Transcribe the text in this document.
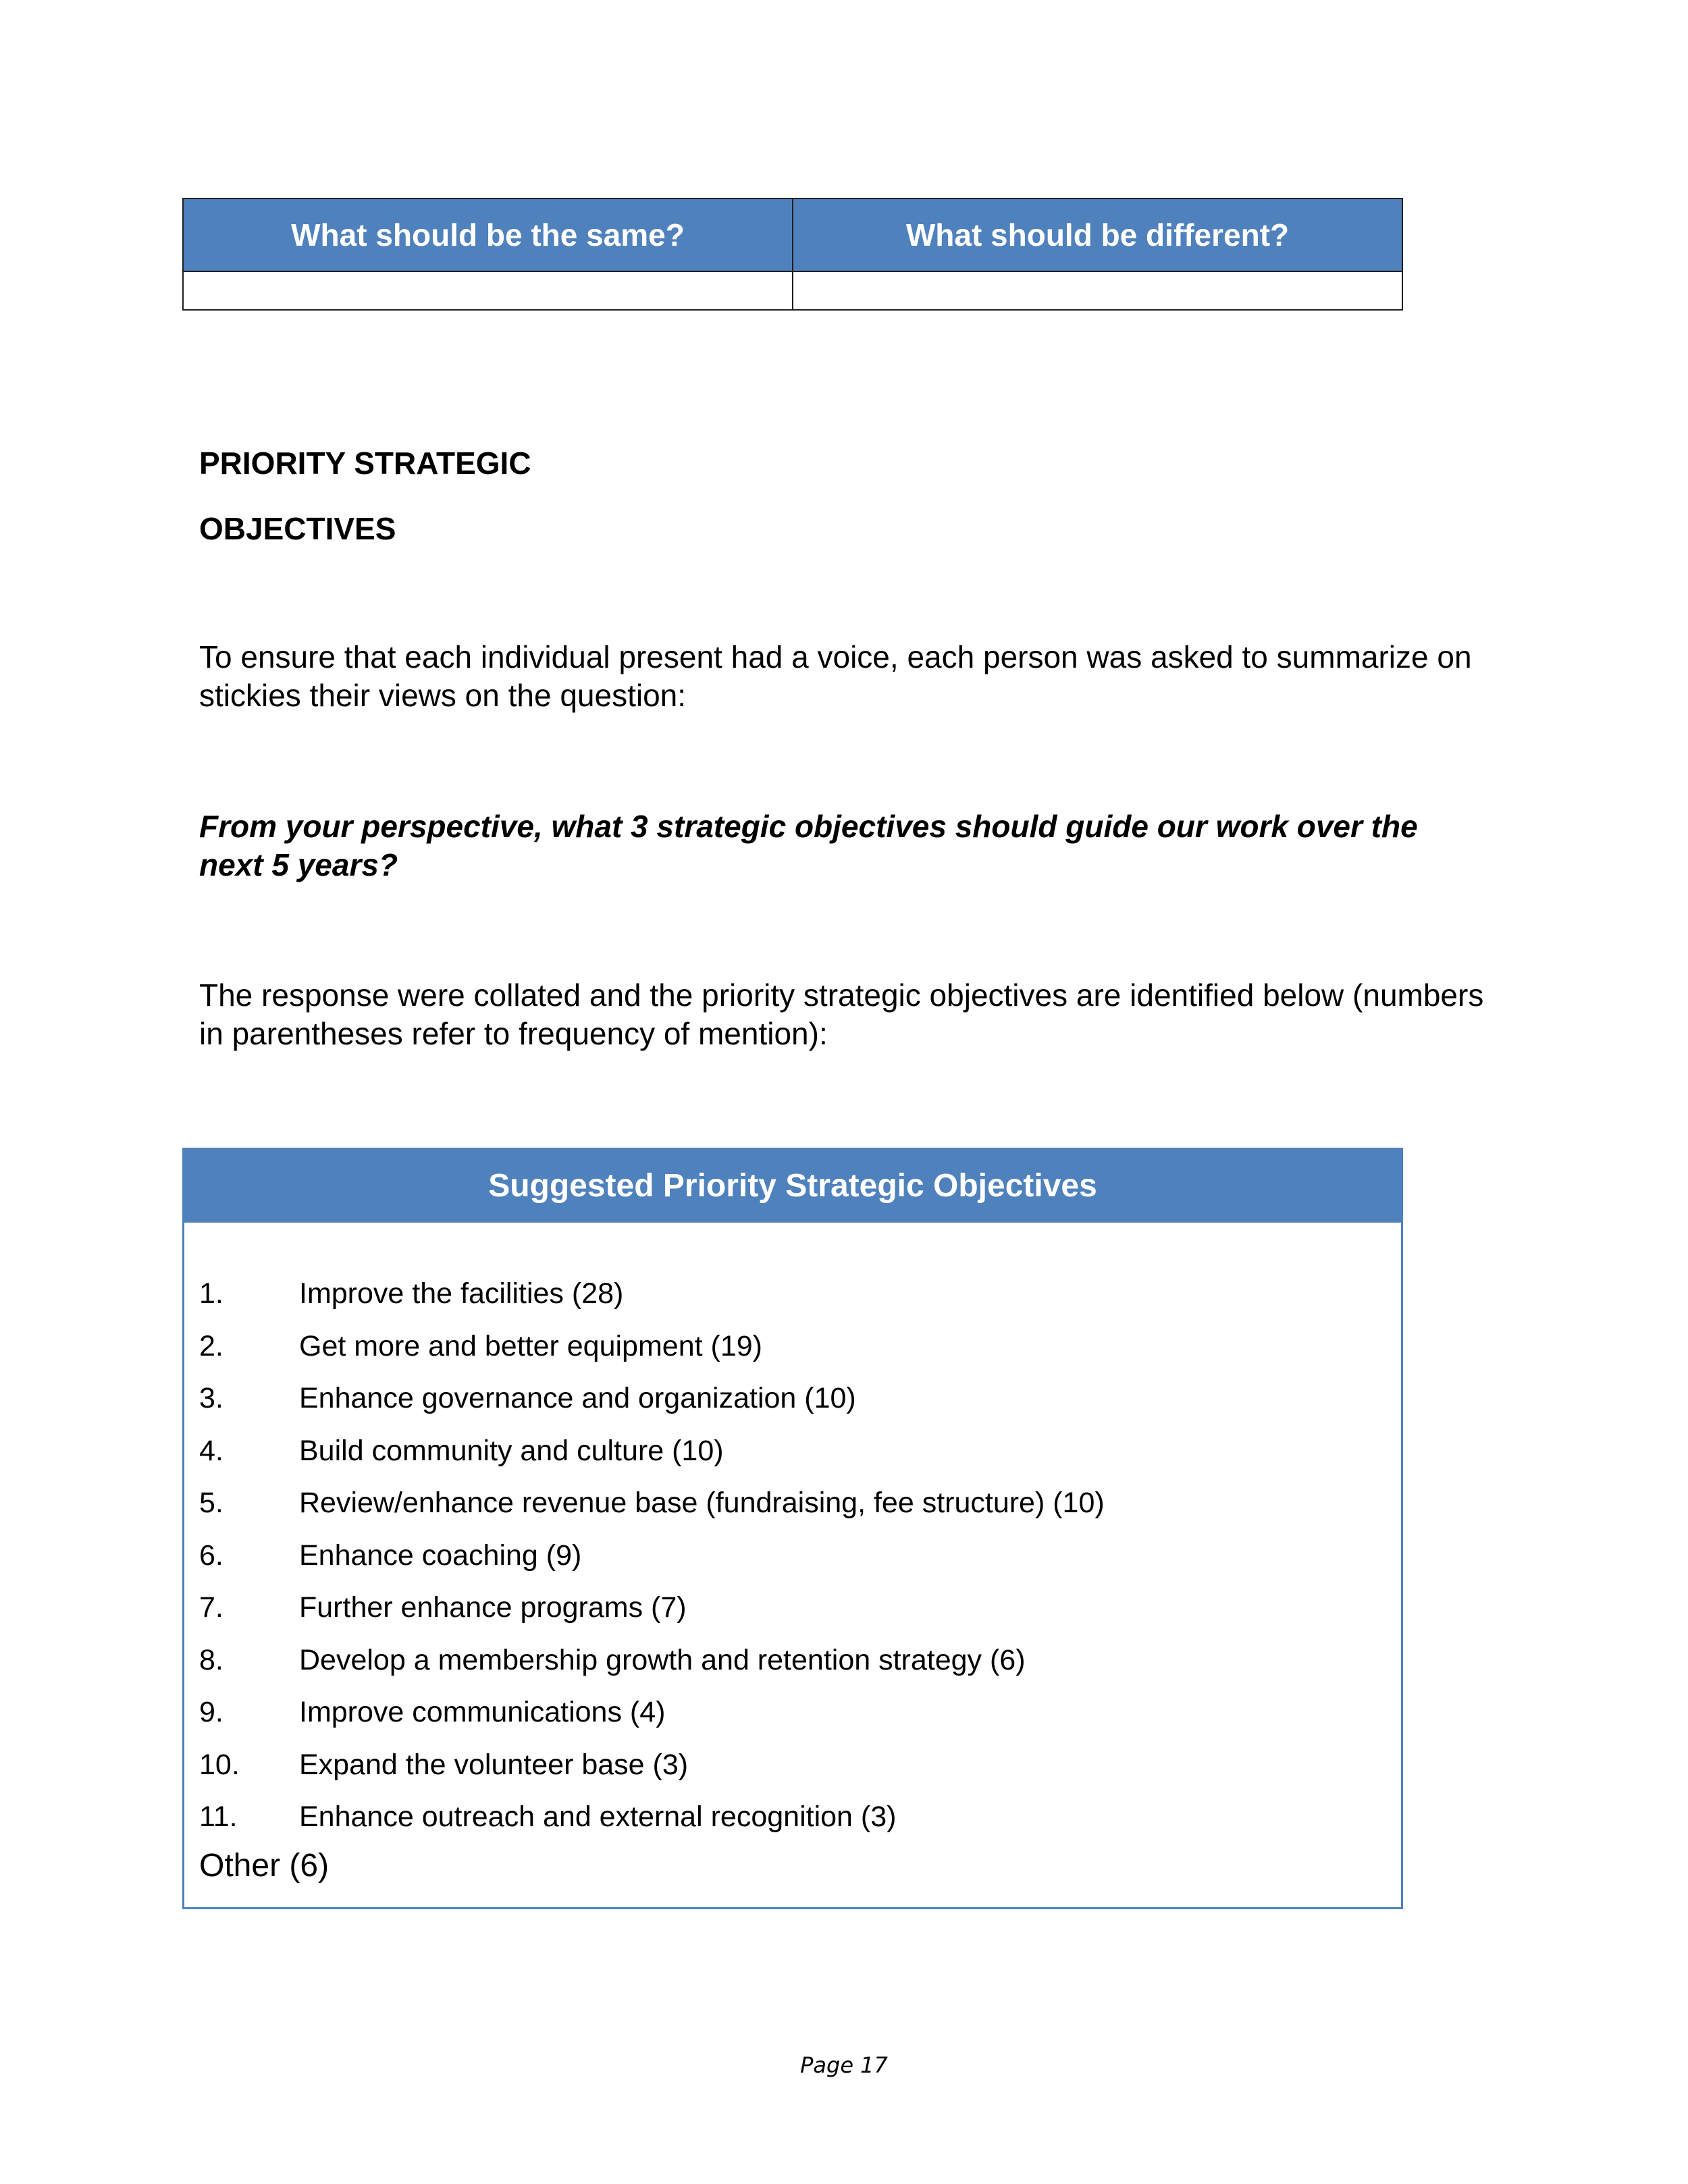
What should be the same?	What should be different?

PRIORITY STRATEGIC
OBJECTIVES

To ensure that each individual present had a voice, each person was asked to summarize on stickies their views on the question:

From your perspective, what 3 strategic objectives should guide our work over the next 5 years?

The response were collated and the priority strategic objectives are identified below (numbers in parentheses refer to frequency of mention):

Suggested Priority Strategic Objectives
1.	Improve the facilities (28)
2.	Get more and better equipment (19)
3.	Enhance governance and organization (10)
4.	Build community and culture (10)
5.	Review/enhance revenue base (fundraising, fee structure) (10)
6.	Enhance coaching (9)
7.	Further enhance programs (7)
8.	Develop a membership growth and retention strategy (6)
9.	Improve communications (4)
10. Expand the volunteer base (3)
11. Enhance outreach and external recognition (3)
Other (6)
Page 17
